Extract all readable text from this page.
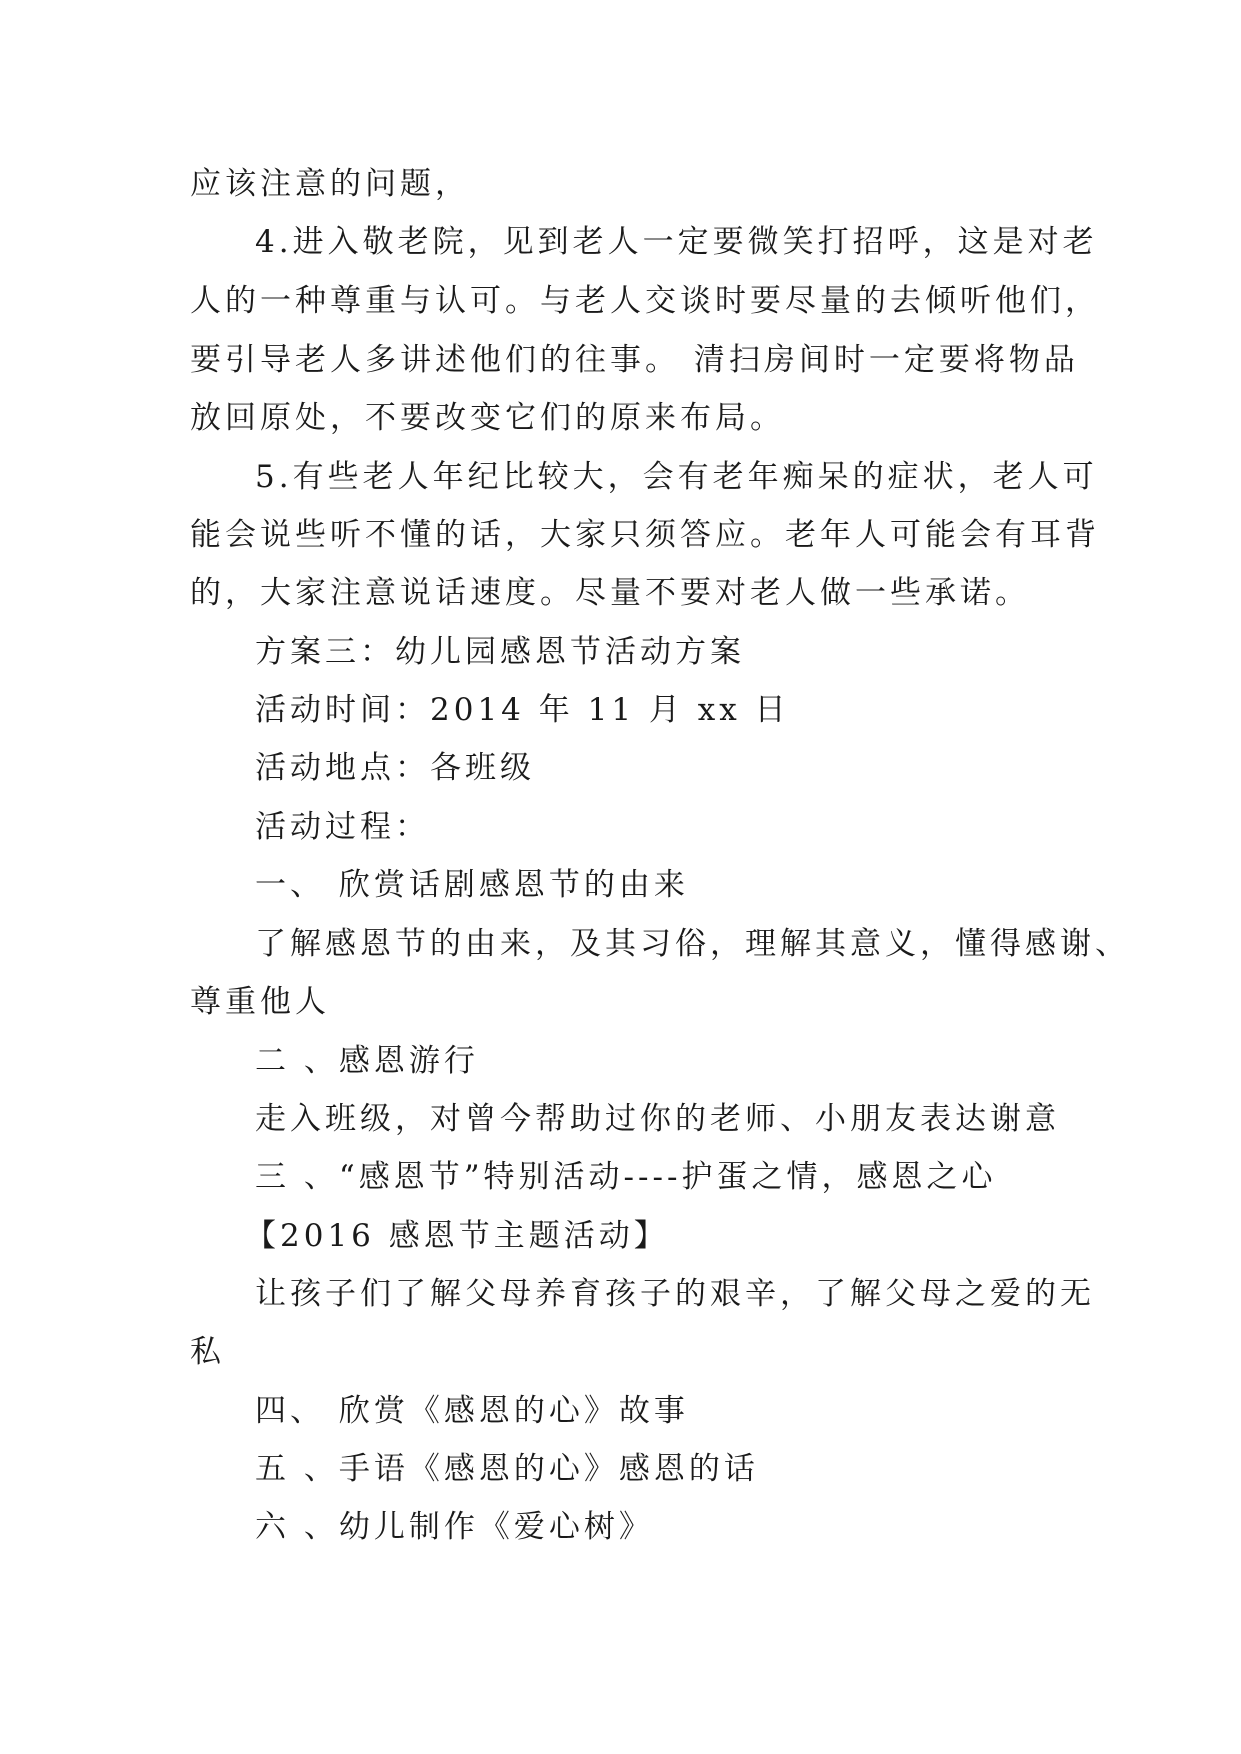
应该注意的问题，
4.进入敬老院，见到老人一定要微笑打招呼，这是对老
人的一种尊重与认可。与老人交谈时要尽量的去倾听他们，
要引导老人多讲述他们的往事。 清扫房间时一定要将物品
放回原处，不要改变它们的原来布局。
5.有些老人年纪比较大，会有老年痴呆的症状，老人可
能会说些听不懂的话，大家只须答应。老年人可能会有耳背
的，大家注意说话速度。尽量不要对老人做一些承诺。
方案三：幼儿园感恩节活动方案
活动时间：2014 年 11 月 xx 日
活动地点：各班级
活动过程：
一、 欣赏话剧感恩节的由来
了解感恩节的由来，及其习俗，理解其意义，懂得感谢、
尊重他人
二 、感恩游行
走入班级，对曾今帮助过你的老师、小朋友表达谢意
三 、“感恩节”特别活动----护蛋之情，感恩之心
【2016 感恩节主题活动】
让孩子们了解父母养育孩子的艰辛，了解父母之爱的无
私
四、 欣赏《感恩的心》故事
五 、手语《感恩的心》感恩的话
六 、幼儿制作《爱心树》
